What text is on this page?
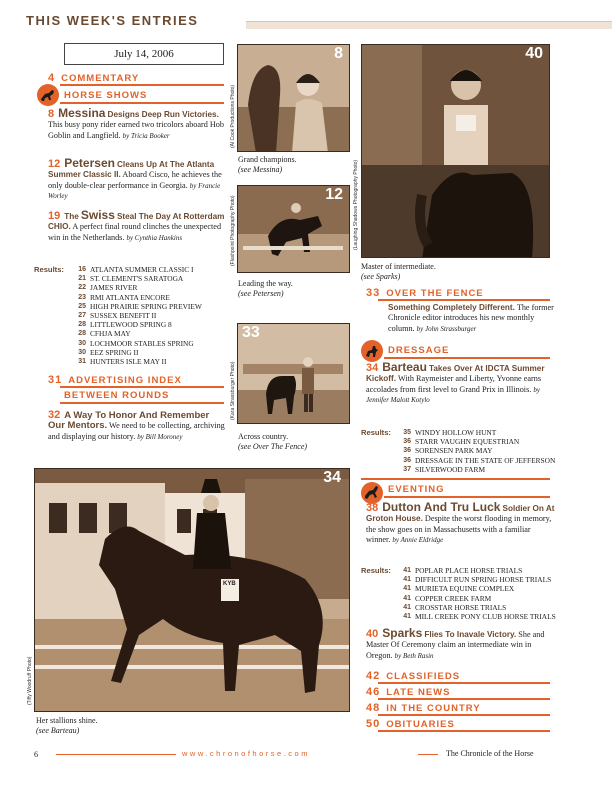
THIS WEEK'S ENTRIES
July 14, 2006
4 COMMENTARY
HORSE SHOWS
8 Messina Designs Deep Run Victories. This busy pony rider earned two tricolors aboard Hob Goblin and Langfield. by Tricia Booker
12 Petersen Cleans Up At The Atlanta Summer Classic II. Aboard Cisco, he achieves the only double-clear performance in Georgia. by Francie Worley
19 The Swiss Steal The Day At Rotterdam CHIO. A perfect final round clinches the unexpected win in the Netherlands. by Cynthia Hankins
Results:	16 ATLANTA SUMMER CLASSIC I
21 ST. CLEMENT'S SARATOGA
22 JAMES RIVER
23 RMI ATLANTA ENCORE
25 HIGH PRAIRIE SPRING PREVIEW
27 SUSSEX BENEFIT II
28 LITTLEWOOD SPRING 8
28 CFHJA MAY
30 LOCHMOOR STABLES SPRING
30 EEZ SPRING II
31 HUNTERS ISLE MAY II
31 ADVERTISING INDEX
BETWEEN ROUNDS
32 A Way To Honor And Remember Our Mentors. We need to be collecting, archiving and displaying our history. by Bill Moroney
8
(Al Cook Productions Photo)
Grand champions.
(see Messina)
12
(Flashpoint Photography Photo)
Leading the way.
(see Petersen)
33
(Kara Strassburger Photo)
Across country.
(see Over The Fence)
40
(Laughing Shadows Photography Photo)
Master of intermediate.
(see Sparks)
33 OVER THE FENCE
Something Completely Different. The former Chronicle editor introduces his new monthly column. by John Strassburger
DRESSAGE
34 Barteau Takes Over At IDCTA Summer Kickoff. With Raymeister and Liberty, Yvonne earns accolades from first level to Grand Prix in Illinois. by Jennifer Malott Kotylo
Results:	35 WINDY HOLLOW HUNT
36 STARR VAUGHN EQUESTRIAN
36 SORENSEN PARK MAY
36 DRESSAGE IN THE STATE OF JEFFERSON
37 SILVERWOOD FARM
EVENTING
38 Dutton And Tru Luck Soldier On At Groton House. Despite the worst flooding in memory, the show goes on in Massachusetts with a familiar winner. by Annie Eldridge
Results:	41 POPLAR PLACE HORSE TRIALS
41 DIFFICULT RUN SPRING HORSE TRIALS
41 MURIETA EQUINE COMPLEX
41 COPPER CREEK FARM
41 CROSSTAR HORSE TRIALS
41 MILL CREEK PONY CLUB HORSE TRIALS
40 Sparks Flies To Inavale Victory. She and Master Of Ceremony claim an intermediate win in Oregon. by Beth Rasin
42 CLASSIFIEDS
46 LATE NEWS
48 IN THE COUNTRY
50 OBITUARIES
KYB
34
(Tiffy Woodruff Photo)
Her stallions shine.
(see Barteau)
6	www.chronofhorse.com	The Chronicle of the Horse
